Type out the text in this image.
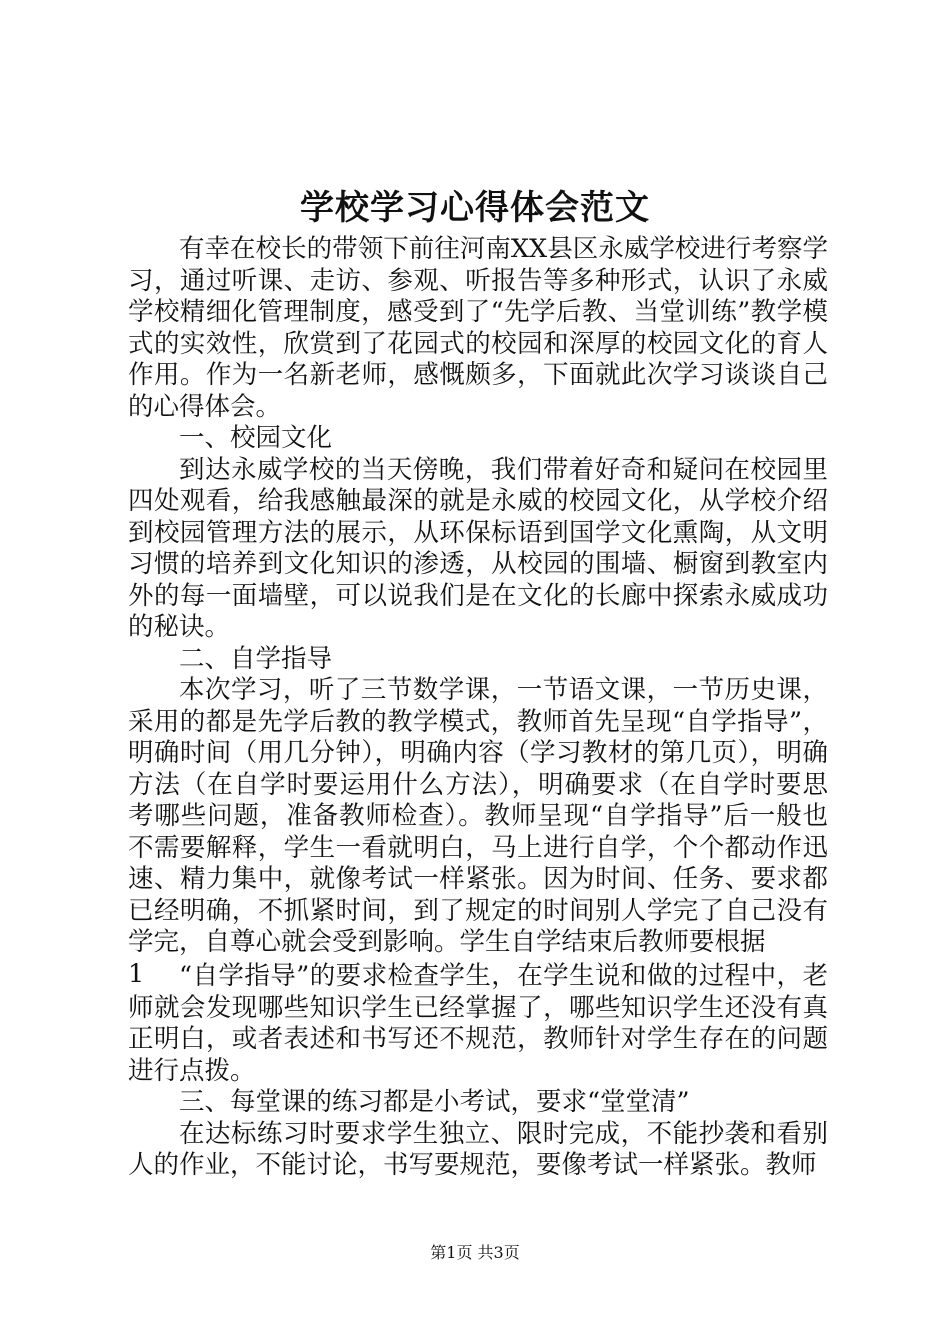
学校学习心得体会范文

有幸在校长的带领下前往河南XX县区永威学校进行考察学习，通过听课、走访、参观、听报告等多种形式，认识了永威学校精细化管理制度，感受到了“先学后教、当堂训练”教学模式的实效性，欣赏到了花园式的校园和深厚的校园文化的育人作用。作为一名新老师，感慨颇多，下面就此次学习谈谈自己的心得体会。

一、校园文化

到达永威学校的当天傍晚，我们带着好奇和疑问在校园里四处观看，给我感触最深的就是永威的校园文化，从学校介绍到校园管理方法的展示，从环保标语到国学文化熏陶，从文明习惯的培养到文化知识的渗透，从校园的围墙、橱窗到教室内外的每一面墙壁，可以说我们是在文化的长廊中探索永威成功的秘诀。

二、自学指导

本次学习，听了三节数学课，一节语文课，一节历史课，采用的都是先学后教的教学模式，教师首先呈现“自学指导”，明确时间（用几分钟），明确内容（学习教材的第几页），明确方法（在自学时要运用什么方法），明确要求（在自学时要思考哪些问题，准备教师检查）。教师呈现“自学指导”后一般也不需要解释，学生一看就明白，马上进行自学，个个都动作迅速、精力集中，就像考试一样紧张。因为时间、任务、要求都已经明确，不抓紧时间，到了规定的时间别人学完了自己没有学完，自尊心就会受到影响。学生自学结束后教师要根据

1	“自学指导”的要求检查学生，在学生说和做的过程中，老师就会发现哪些知识学生已经掌握了，哪些知识学生还没有真正明白，或者表述和书写还不规范，教师针对学生存在的问题进行点拨。

三、每堂课的练习都是小考试，要求“堂堂清”

在达标练习时要求学生独立、限时完成，不能抄袭和看别人的作业，不能讨论，书写要规范，要像考试一样紧张。教师

第1页 共3页
